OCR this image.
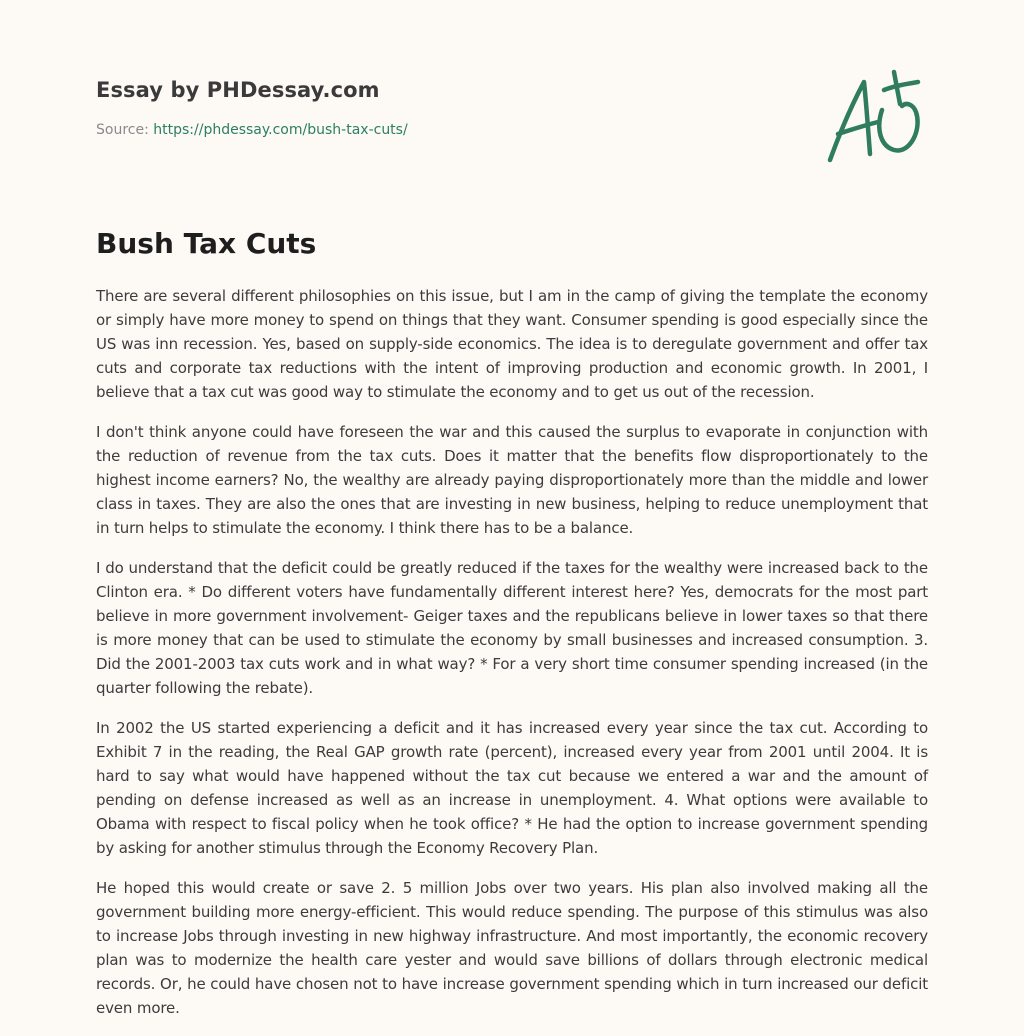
Essay by PHDessay.com
Source: https://phdessay.com/bush-tax-cuts/
Bush Tax Cuts

There are several different philosophies on this issue, but I am in the camp of giving the template the economy or simply have more money to spend on things that they want. Consumer spending is good especially since the US was inn recession. Yes, based on supply-side economics. The idea is to deregulate government and offer tax cuts and corporate tax reductions with the intent of improving production and economic growth. In 2001, I believe that a tax cut was good way to stimulate the economy and to get us out of the recession.

I don't think anyone could have foreseen the war and this caused the surplus to evaporate in conjunction with the reduction of revenue from the tax cuts. Does it matter that the benefits flow disproportionately to the highest income earners? No, the wealthy are already paying disproportionately more than the middle and lower class in taxes. They are also the ones that are investing in new business, helping to reduce unemployment that in turn helps to stimulate the economy. I think there has to be a balance.

I do understand that the deficit could be greatly reduced if the taxes for the wealthy were increased back to the Clinton era. * Do different voters have fundamentally different interest here? Yes, democrats for the most part believe in more government involvement- Geiger taxes and the republicans believe in lower taxes so that there is more money that can be used to stimulate the economy by small businesses and increased consumption. 3. Did the 2001-2003 tax cuts work and in what way? * For a very short time consumer spending increased (in the quarter following the rebate).

In 2002 the US started experiencing a deficit and it has increased every year since the tax cut. According to Exhibit 7 in the reading, the Real GAP growth rate (percent), increased every year from 2001 until 2004. It is hard to say what would have happened without the tax cut because we entered a war and the amount of pending on defense increased as well as an increase in unemployment. 4. What options were available to Obama with respect to fiscal policy when he took office? * He had the option to increase government spending by asking for another stimulus through the Economy Recovery Plan.

He hoped this would create or save 2. 5 million Jobs over two years. His plan also involved making all the government building more energy-efficient. This would reduce spending. The purpose of this stimulus was also to increase Jobs through investing in new highway infrastructure. And most importantly, the economic recovery plan was to modernize the health care yester and would save billions of dollars through electronic medical records. Or, he could have chosen not to have increase government spending which in turn increased our deficit even more.
